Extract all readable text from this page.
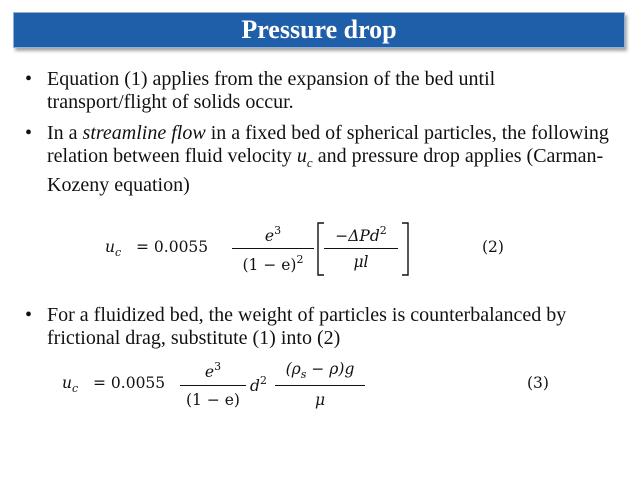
Pressure drop
• Equation (1) applies from the expansion of the bed until transport/flight of solids occur.
• In a streamline flow in a fixed bed of spherical particles, the following relation between fluid velocity $u_c$ and pressure drop applies (Carman-Kozeny equation)
$u_c = 0.0055$
$e^3$
$(1 - e)^2$
−ΔPd$^2$
μl
(2)
• For a fluidized bed, the weight of particles is counterbalanced by frictional drag, substitute (1) into (2)
$u_c = 0.0055$
$e^3$
(1 − e)
$d^2$
$(\rho_s - \rho)g$
μ
(3)
